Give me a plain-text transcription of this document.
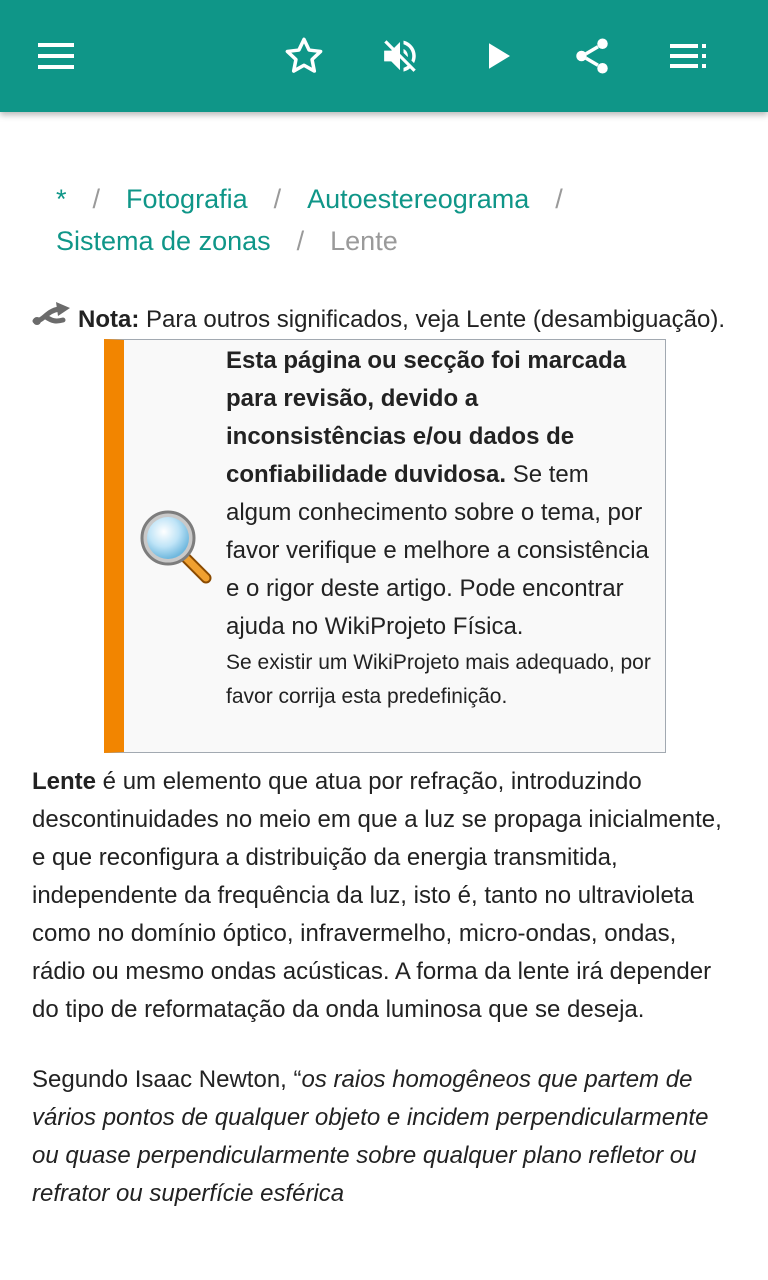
* / Fotografia / Autoestereograma /
Sistema de zonas / Lente

Nota: Para outros significados, veja Lente (desambiguação).

Esta página ou secção foi marcada para revisão, devido a inconsistências e/ou dados de confiabilidade duvidosa. Se tem algum conhecimento sobre o tema, por favor verifique e melhore a consistência e o rigor deste artigo. Pode encontrar ajuda no WikiProjeto Física.

Se existir um WikiProjeto mais adequado, por favor corrija esta predefinição.

Lente é um elemento que atua por refração, introduzindo descontinuidades no meio em que a luz se propaga inicialmente, e que reconfigura a distribuição da energia transmitida, independente da frequência da luz, isto é, tanto no ultravioleta como no domínio óptico, infravermelho, micro-ondas, ondas, rádio ou mesmo ondas acústicas. A forma da lente irá depender do tipo de reformatação da onda luminosa que se deseja.

Segundo Isaac Newton, “os raios homogêneos que partem de vários pontos de qualquer objeto e incidem perpendicularmente ou quase perpendicularmente sobre qualquer plano refletor ou refrator ou superfície esférica
